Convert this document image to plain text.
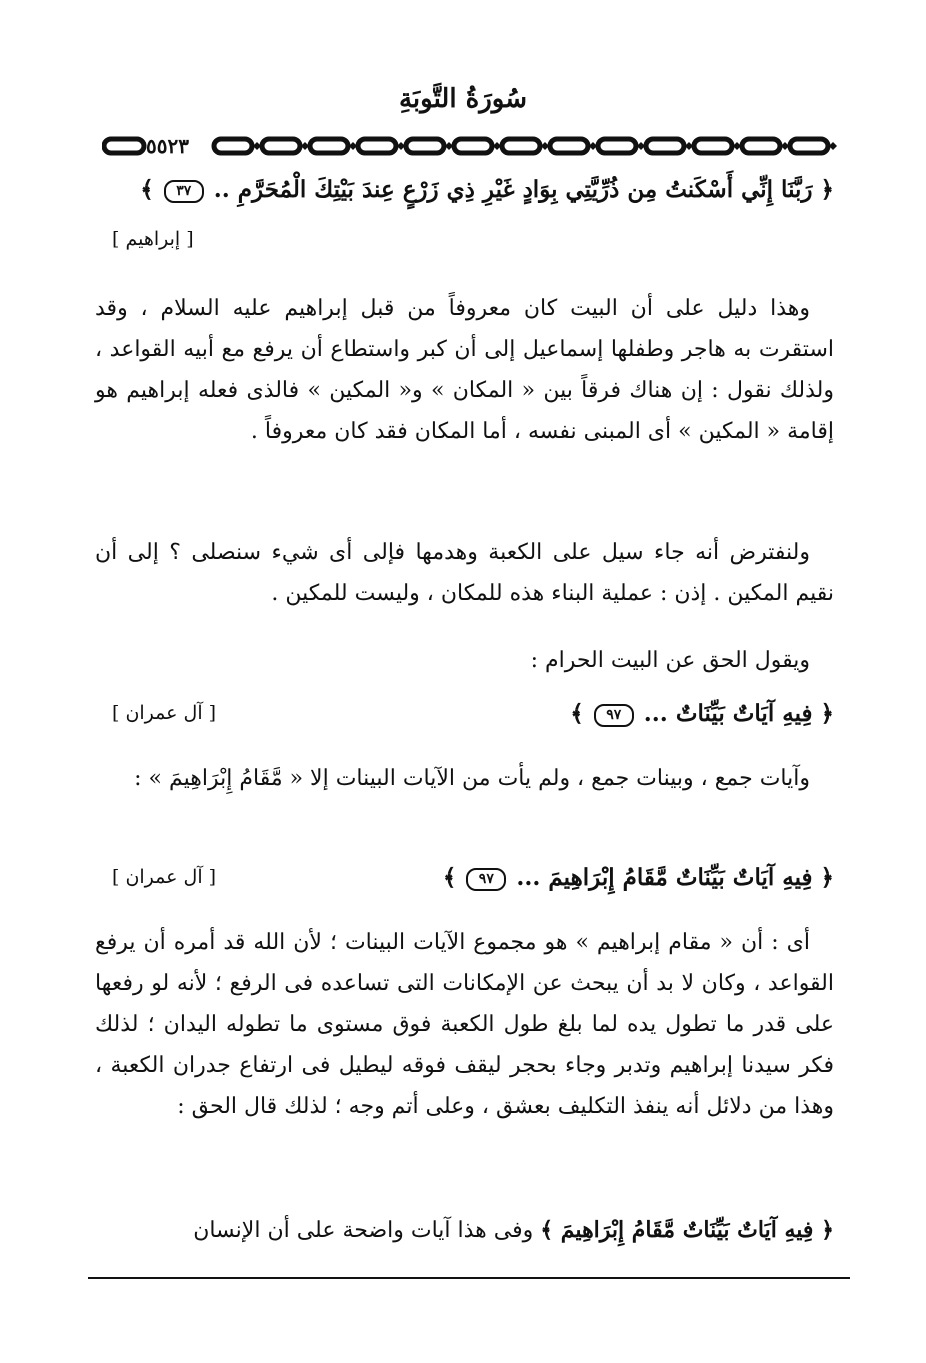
سُورَةُ التَّوبَةِ
٥٥٢٣
﴿ رَبَّنَا إِنِّي أَسْكَنتُ مِن ذُرِّيَّتِي بِوَادٍ غَيْرِ ذِي زَرْعٍ عِندَ بَيْتِكَ الْمُحَرَّمِ .. ٣٧ ﴾
[ إبراهيم ]
وهذا دليل على أن البيت كان معروفاً من قبل إبراهيم عليه السلام ، وقد استقرت به هاجر وطفلها إسماعيل إلى أن كبر واستطاع أن يرفع مع أبيه القواعد ، ولذلك نقول : إن هناك فرقاً بين « المكان » و« المكين » فالذى فعله إبراهيم هو إقامة « المكين » أى المبنى نفسه ، أما المكان فقد كان معروفاً .
ولنفترض أنه جاء سيل على الكعبة وهدمها فإلى أى شيء سنصلى ؟ إلى أن نقيم المكين . إذن : عملية البناء هذه للمكان ، وليست للمكين .
ويقول الحق عن البيت الحرام :
﴿ فِيهِ آيَاتٌ بَيِّنَاتٌ ... ٩٧ ﴾
[ آل عمران ]
وآيات جمع ، وبينات جمع ، ولم يأت من الآيات البينات إلا « مَّقَامُ إِبْرَاهِيمَ » :
﴿ فِيهِ آيَاتٌ بَيِّنَاتٌ مَّقَامُ إِبْرَاهِيمَ ... ٩٧ ﴾
[ آل عمران ]
أى : أن « مقام إبراهيم » هو مجموع الآيات البينات ؛ لأن الله قد أمره أن يرفع القواعد ، وكان لا بد أن يبحث عن الإمكانات التى تساعده فى الرفع ؛ لأنه لو رفعها على قدر ما تطول يده لما بلغ طول الكعبة فوق مستوى ما تطوله اليدان ؛ لذلك فكر سيدنا إبراهيم وتدبر وجاء بحجر ليقف فوقه ليطيل فى ارتفاع جدران الكعبة ، وهذا من دلائل أنه ينفذ التكليف بعشق ، وعلى أتم وجه ؛ لذلك قال الحق :
﴿ فِيهِ آيَاتٌ بَيِّنَاتٌ مَّقَامُ إِبْرَاهِيمَ ﴾ وفى هذا آيات واضحة على أن الإنسان
